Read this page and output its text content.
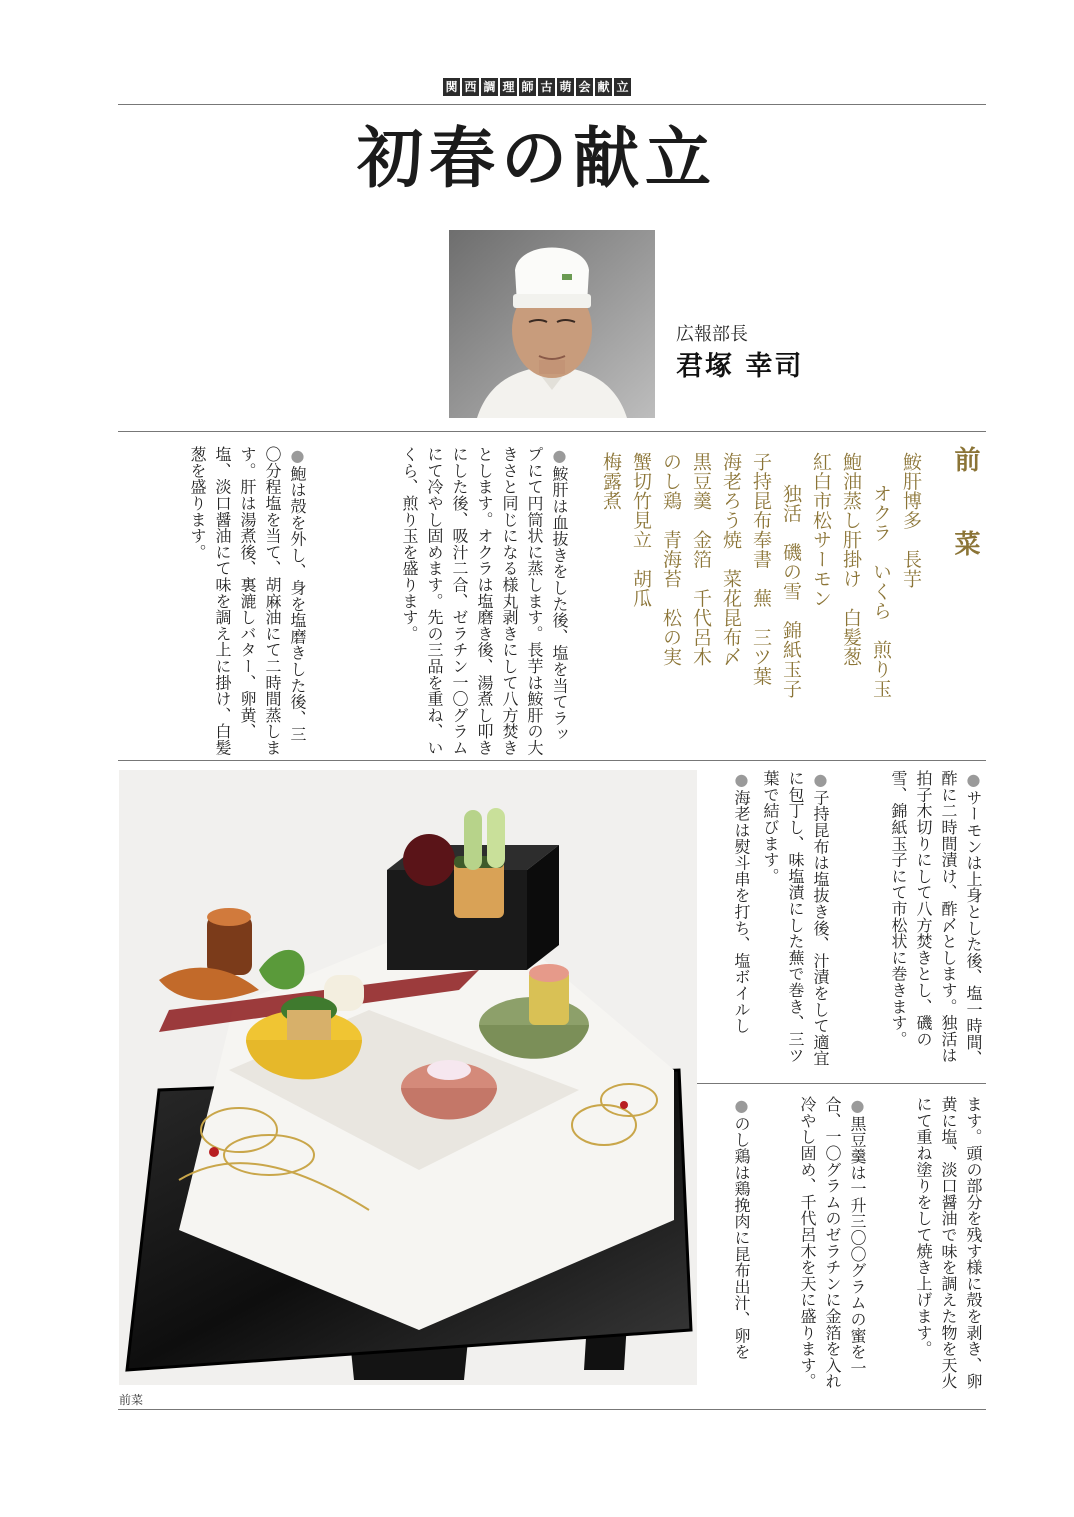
関 西 調 理 師 古 萌 会 献 立
初春の献立
広報部長
君塚 幸司
前 菜
鮟肝博多　長芋
オクラ　いくら　煎り玉
鮑油蒸し肝掛け　白髪葱
紅白市松サーモン
独活　磯の雪　錦紙玉子
子持昆布奉書　蕪　三ツ葉
海老ろう焼　菜花昆布〆
黒豆羹　金箔　千代呂木
のし鶏　青海苔　松の実
蟹切竹見立　胡瓜
梅露煮
● 鮟肝は血抜きをした後、塩を当てラップにて円筒状に蒸します。長芋は鮟肝の大きさと同じになる様丸剥きにして八方焚きとします。オクラは塩磨き後、湯煮し叩きにした後、吸汁二合、ゼラチン一〇グラムにて冷やし固めます。先の三品を重ね、いくら、煎り玉を盛ります。
● 鮑は殻を外し、身を塩磨きした後、三〇分程塩を当て、胡麻油にて二時間蒸します。肝は湯煮後、裏漉しバター、卵黄、塩、淡口醤油にて味を調え上に掛け、白髪葱を盛ります。
前菜
● サーモンは上身とした後、塩一時間、酢に二時間漬け、酢〆とします。独活は拍子木切りにして八方焚きとし、磯の雪、錦紙玉子にて市松状に巻きます。
● 子持昆布は塩抜き後、汁漬をして適宜に包丁し、味塩漬にした蕪で巻き、三ツ葉で結びます。
● 海老は熨斗串を打ち、塩ボイルし
ます。頭の部分を残す様に殻を剥き、卵黄に塩、淡口醤油で味を調えた物を天火にて重ね塗りをして焼き上げます。
● 黒豆羹は一升三〇〇グラムの蜜を一合、一〇グラムのゼラチンに金箔を入れ冷やし固め、千代呂木を天に盛ります。
● のし鶏は鶏挽肉に昆布出汁、卵を
